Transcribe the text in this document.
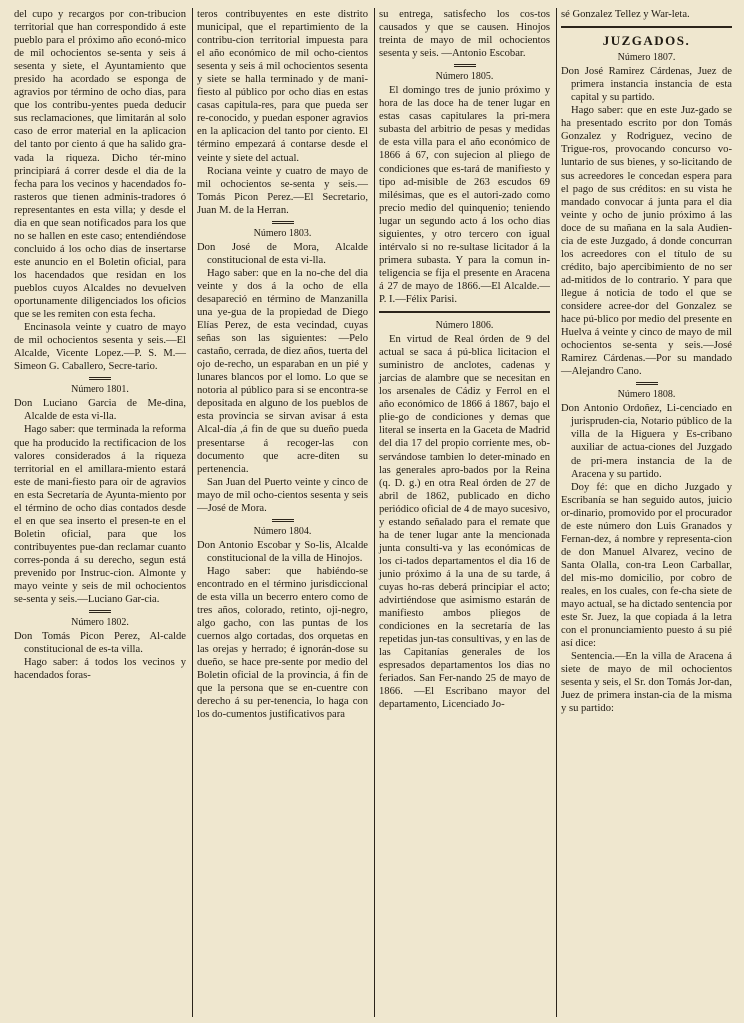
del cupo y recargos por con-tribucion territorial que han correspondido á este pueblo para el próximo año econó-mico de mil ochocientos se-senta y seis á sesenta y siete, el Ayuntamiento que presido ha acordado se esponga de agravios por término de ocho dias, para que los contribu-yentes pueda deducir sus reclamaciones, que limitarán al solo caso de error material en la aplicacion del tanto por ciento á que ha salido gra-vada la riqueza. Dicho tér-mino principiará á correr desde el dia de la fecha para los vecinos y hacendados fo-rasteros que tienen adminis-tradores ó representantes en esta villa; y desde el dia en que sean notificados para los que no se hallen en este caso; entendiéndose concluido á los ocho dias de insertarse este anuncio en el Boletin oficial, para los hacendados que residan en los pueblos cuyos Alcaldes no devuelven oportunamente diligenciados los oficios que se les remiten con esta fecha.

Encinasola veinte y cuatro de mayo de mil ochocientos sesenta y seis.—El Alcalde, Vicente Lopez.—P. S. M.—Simeon G. Caballero, Secre-tario.

Número 1801.

Don Luciano Garcia de Me-dina, Alcalde de esta vi-lla.

Hago saber: que terminada la reforma que ha producido la rectificacion de los valores considerados á la riqueza territorial en el amillara-miento estará este de mani-fiesto para oir de agravios en esta Secretaría de Ayunta-miento por el término de ocho dias contados desde el en que sea inserto el presen-te en el Boletin oficial, para que los contribuyentes pue-dan reclamar cuanto corres-ponda á su derecho, segun está prevenido por Instruc-cion. Almonte y mayo veinte y seis de mil ochocientos se-senta y seis.—Luciano Gar-cia.

Número 1802.

Don Tomás Picon Perez, Al-calde constitucional de es-ta villa.

Hago saber: á todos los vecinos y hacendados foras-

teros contribuyentes en este distrito municipal, que el repartimiento de la contribu-cion territorial impuesta para el año económico de mil ocho-cientos sesenta y seis á mil ochocientos sesenta y siete se halla terminado y de mani-fiesto al público por ocho dias en estas casas capitula-res, para que pueda ser re-conocido, y puedan esponer agravios en la aplicacion del tanto por ciento. El término empezará á contarse desde el veinte y siete del actual.

Rociana veinte y cuatro de mayo de mil ochocientos se-senta y seis.—Tomás Picon Perez.—El Secretario, Juan M. de la Herran.

Número 1803.

Don José de Mora, Alcalde constitucional de esta vi-lla.

Hago saber: que en la no-che del dia veinte y dos á la ocho de ella desapareció en término de Manzanilla una ye-gua de la propiedad de Diego Elías Perez, de esta vecindad, cuyas señas son las siguientes: —Pelo castaño, cerrada, de diez años, tuerta del ojo de-recho, un esparaban en un pié y lunares blancos por el lomo. Lo que se notoria al público para si se encontra-se depositada en alguno de los pueblos de esta provincia se sirvan avisar á esta Alcal-día ,á fin de que su dueño pueda presentarse á recoger-las con documento que acre-diten su pertenencia.

San Juan del Puerto veinte y cinco de mayo de mil ocho-cientos sesenta y seis —José de Mora.

Número 1804.

Don Antonio Escobar y So-lis, Alcalde constitucional de la villa de Hinojos.

Hago saber: que habiéndo-se encontrado en el término jurisdiccional de esta villa un becerro entero como de tres años, colorado, retinto, oji-negro, algo gacho, con las puntas de los cuernos algo cortadas, dos orquetas en las orejas y herrado; é ignorán-dose su dueño, se hace pre-sente por medio del Boletin oficial de la provincia, á fin de que la persona que se en-cuentre con derecho á su per-tenencia, lo haga con los do-cumentos justificativos para

su entrega, satisfecho los cos-tos causados y que se causen. Hinojos treinta de mayo de mil ochocientos sesenta y seis. —Antonio Escobar.

Número 1805.

El domingo tres de junio próximo y hora de las doce ha de tener lugar en estas casas capitulares la pri-mera subasta del arbitrio de pesas y medidas de esta villa para el año económico de 1866 á 67, con sujecion al pliego de condiciones que es-tará de manifiesto y tipo ad-misible de 263 escudos 69 milésimas, que es el autori-zado como precio medio del quinquenio; teniendo lugar un segundo acto á los ocho dias siguientes, y otro tercero con igual intérvalo si no re-sultase licitador á la primera subasta. Y para la comun in-teligencia se fija el presente en Aracena á 27 de mayo de 1866.—El Alcalde.—P. I.—Félix Parisi.

Número 1806.

En virtud de Real órden de 9 del actual se saca á pú-blica licitacion el suministro de anclotes, cadenas y jarcias de alambre que se necesitan en los arsenales de Cádiz y Ferrol en el año económico de 1866 á 1867, bajo el plie-go de condiciones y demas que literal se inserta en la Gaceta de Madrid del dia 17 del propio corriente mes, ob-servándose tambien lo deter-minado en las generales apro-bados por la Reina (q. D. g.) en otra Real órden de 27 de abril de 1862, publicado en dicho periódico oficial de 4 de mayo sucesivo, y estando señalado para el remate que ha de tener lugar ante la mencionada junta consulti-va y las económicas de los ci-tados departamentos el dia 16 de junio próximo á la una de su tarde, á cuyas ho-ras deberá principiar el acto; advirtiéndose que asimismo estarán de manifiesto ambos pliegos de condiciones en la secretaría de las repetidas jun-tas consultivas, y en las de las Capitanías generales de los espresados departamentos los dias no feriados. San Fer-nando 25 de mayo de 1866. —El Escribano mayor del departamento, Licenciado Jo-

sé Gonzalez Tellez y War-leta.

JUZGADOS.
Número 1807.

Don José Ramirez Cárdenas, Juez de primera instancia instancia de esta capital y su partido.

Hago saber: que en este Juz-gado se ha presentado escrito por don Tomás Gonzalez y Rodriguez, vecino de Trigue-ros, provocando concurso vo-luntario de sus bienes, y so-licitando de sus acreedores le concedan espera para el pago de sus créditos: en su vista he mandado convocar á junta para el dia veinte y ocho de junio próximo á las doce de su mañana en la sala Audien-cia de este Juzgado, á donde concurran los acreedores con el título de su crédito, bajo apercibimiento de no ser ad-mitidos de lo contrario. Y para que llegue á noticia de todo el que se considere acree-dor del Gonzalez se hace pú-blico por medio del presente en Huelva á veinte y cinco de mayo de mil ochocientos se-senta y seis.—José Ramirez Cárdenas.—Por su mandado —Alejandro Cano.

Número 1808.

Don Antonio Ordoñez, Li-cenciado en jurispruden-cia, Notario público de la villa de la Higuera y Es-cribano auxiliar de actua-ciones del Juzgado de pri-mera instancia de la de Aracena y su partido.

Doy fé: que en dicho Juzgado y Escribanía se han seguido autos, juicio or-dinario, promovido por el procurador de este número don Luis Granados y Fernan-dez, á nombre y representa-cion de don Manuel Alvarez, vecino de Santa Olalla, con-tra Leon Carballar, del mis-mo domicilio, por cobro de reales, en los cuales, con fe-cha siete de mayo actual, se ha dictado sentencia por este Sr. Juez, la que copiada á la letra con el pronunciamiento puesto á su pié así dice:

Sentencia.—En la villa de Aracena á siete de mayo de mil ochocientos sesenta y seis, el Sr. don Tomás Jor-dan, Juez de primera instan-cia de la misma y su partido:
